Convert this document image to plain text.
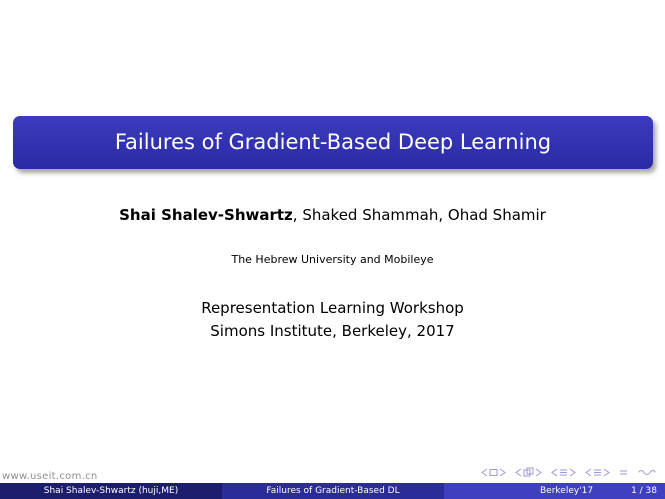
Failures of Gradient-Based Deep Learning
Shai Shalev-Shwartz, Shaked Shammah, Ohad Shamir
The Hebrew University and Mobileye
Representation Learning Workshop
Simons Institute, Berkeley, 2017
www.useit.com.cn
Shai Shalev-Shwartz (huji,ME)	Failures of Gradient-Based DL	Berkeley'17	1 / 38
